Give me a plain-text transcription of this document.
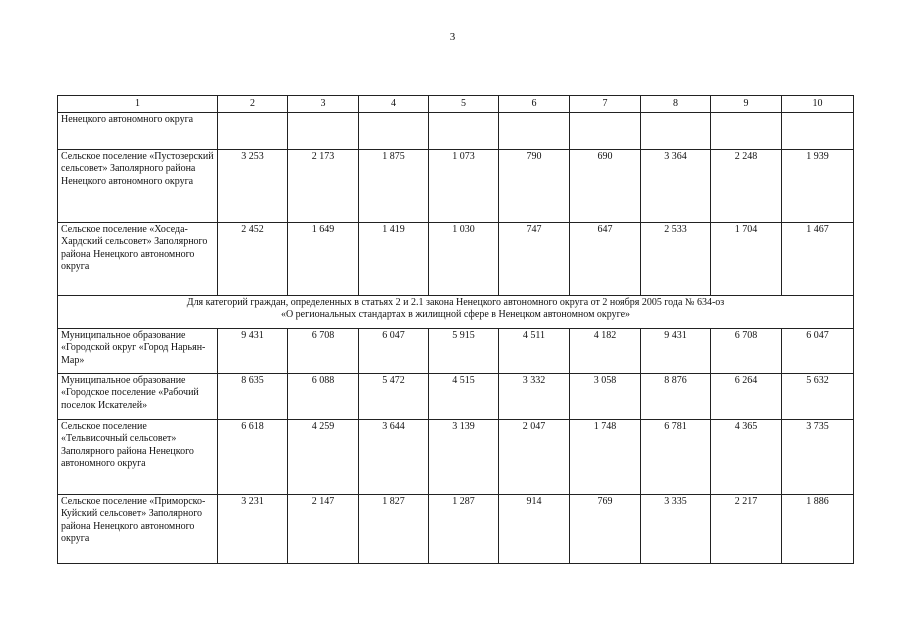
3
1	2	3	4	5	6	7	8	9	10
Ненецкого автономного округа									
Сельское поселение «Пустозерский сельсовет» Заполярного района Ненецкого автономного округа	3 253	2 173	1 875	1 073	790	690	3 364	2 248	1 939
Сельское поселение «Хоседа-Хардский сельсовет» Заполярного района Ненецкого автономного округа	2 452	1 649	1 419	1 030	747	647	2 533	1 704	1 467

Для категорий граждан, определенных в статьях 2 и 2.1 закона Ненецкого автономного округа от 2 ноября 2005 года № 634-оз
«О региональных стандартах в жилищной сфере в Ненецком автономном округе»									

Муниципальное образование «Городской округ «Город Нарьян-Мар»	9 431	6 708	6 047	5 915	4 511	4 182	9 431	6 708	6 047
Муниципальное образование «Городское поселение «Рабочий поселок Искателей»	8 635	6 088	5 472	4 515	3 332	3 058	8 876	6 264	5 632
Сельское поселение «Тельвисочный сельсовет» Заполярного района Ненецкого автономного округа	6 618	4 259	3 644	3 139	2 047	1 748	6 781	4 365	3 735
Сельское поселение «Приморско-Куйский сельсовет» Заполярного района Ненецкого автономного округа	3 231	2 147	1 827	1 287	914	769	3 335	2 217	1 886
